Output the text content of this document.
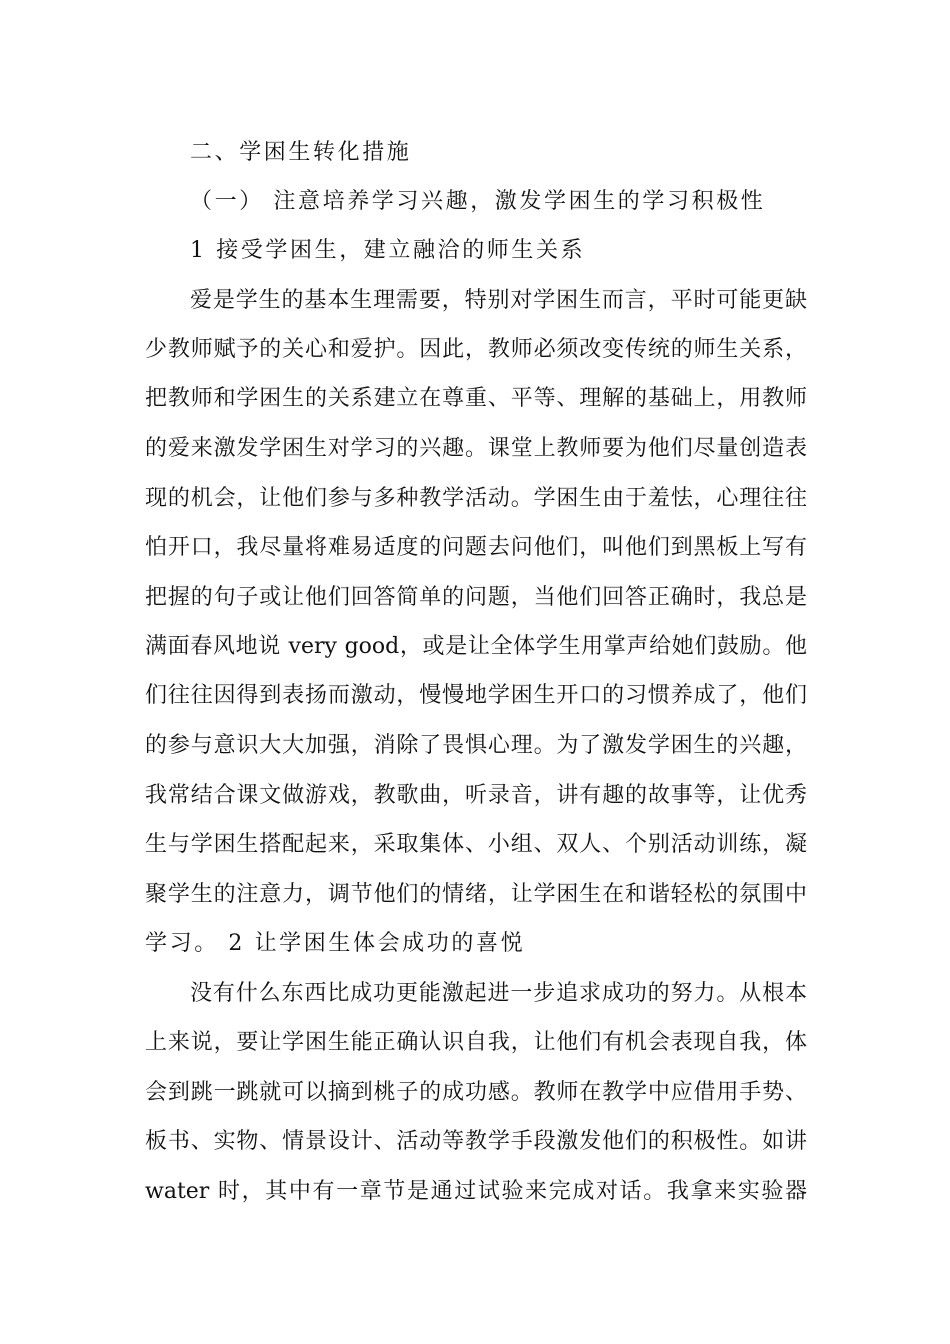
二、学困生转化措施
（一） 注意培养学习兴趣，激发学困生的学习积极性
1 接受学困生，建立融洽的师生关系
爱是学生的基本生理需要，特别对学困生而言，平时可能更缺
少教师赋予的关心和爱护。因此，教师必须改变传统的师生关系，
把教师和学困生的关系建立在尊重、平等、理解的基础上，用教师
的爱来激发学困生对学习的兴趣。课堂上教师要为他们尽量创造表
现的机会，让他们参与多种教学活动。学困生由于羞怯，心理往往
怕开口，我尽量将难易适度的问题去问他们，叫他们到黑板上写有
把握的句子或让他们回答简单的问题，当他们回答正确时，我总是
满面春风地说 very good，或是让全体学生用掌声给她们鼓励。他
们往往因得到表扬而激动，慢慢地学困生开口的习惯养成了，他们
的参与意识大大加强，消除了畏惧心理。为了激发学困生的兴趣，
我常结合课文做游戏，教歌曲，听录音，讲有趣的故事等，让优秀
生与学困生搭配起来，采取集体、小组、双人、个别活动训练，凝
聚学生的注意力，调节他们的情绪，让学困生在和谐轻松的氛围中
学习。 2 让学困生体会成功的喜悦
没有什么东西比成功更能激起进一步追求成功的努力。从根本
上来说，要让学困生能正确认识自我，让他们有机会表现自我，体
会到跳一跳就可以摘到桃子的成功感。教师在教学中应借用手势、
板书、实物、情景设计、活动等教学手段激发他们的积极性。如讲
water 时，其中有一章节是通过试验来完成对话。我拿来实验器
